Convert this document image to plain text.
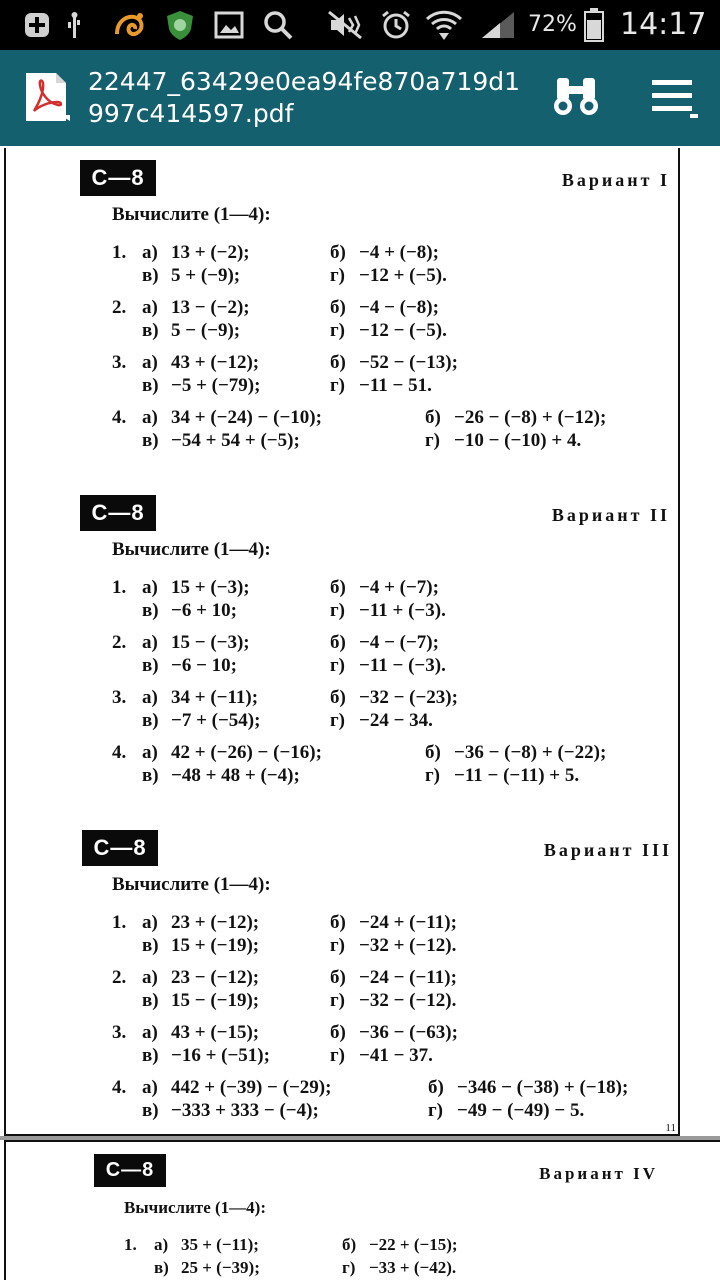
72% 14:17
22447_63429e0ea94fe870a719d1997c414597.pdf
11
С—8	Вариант I
Вычислите (1—4):
1. а) 13 + (−2);	б) −4 + (−8);
в) 5 + (−9);	г) −12 + (−5).
2. а) 13 − (−2);	б) −4 − (−8);
в) 5 − (−9);	г) −12 − (−5).
3. а) 43 + (−12);	б) −52 − (−13);
в) −5 + (−79);	г) −11 − 51.
4. а) 34 + (−24) − (−10);	б) −26 − (−8) + (−12);
в) −54 + 54 + (−5);	г) −10 − (−10) + 4.
С—8	Вариант II
Вычислите (1—4):
1. а) 15 + (−3);	б) −4 + (−7);
в) −6 + 10;	г) −11 + (−3).
2. а) 15 − (−3);	б) −4 − (−7);
в) −6 − 10;	г) −11 − (−3).
3. а) 34 + (−11);	б) −32 − (−23);
в) −7 + (−54);	г) −24 − 34.
4. а) 42 + (−26) − (−16);	б) −36 − (−8) + (−22);
в) −48 + 48 + (−4);	г) −11 − (−11) + 5.
С—8	Вариант III
Вычислите (1—4):
1. а) 23 + (−12);	б) −24 + (−11);
в) 15 + (−19);	г) −32 + (−12).
2. а) 23 − (−12);	б) −24 − (−11);
в) 15 − (−19);	г) −32 − (−12).
3. а) 43 + (−15);	б) −36 − (−63);
в) −16 + (−51);	г) −41 − 37.
4. а) 442 + (−39) − (−29);	б) −346 − (−38) + (−18);
в) −333 + 333 − (−4);	г) −49 − (−49) − 5.
С—8	Вариант IV
Вычислите (1—4):
1. а) 35 + (−11);	б) −22 + (−15);
в) 25 + (−39);	г) −33 + (−42).
